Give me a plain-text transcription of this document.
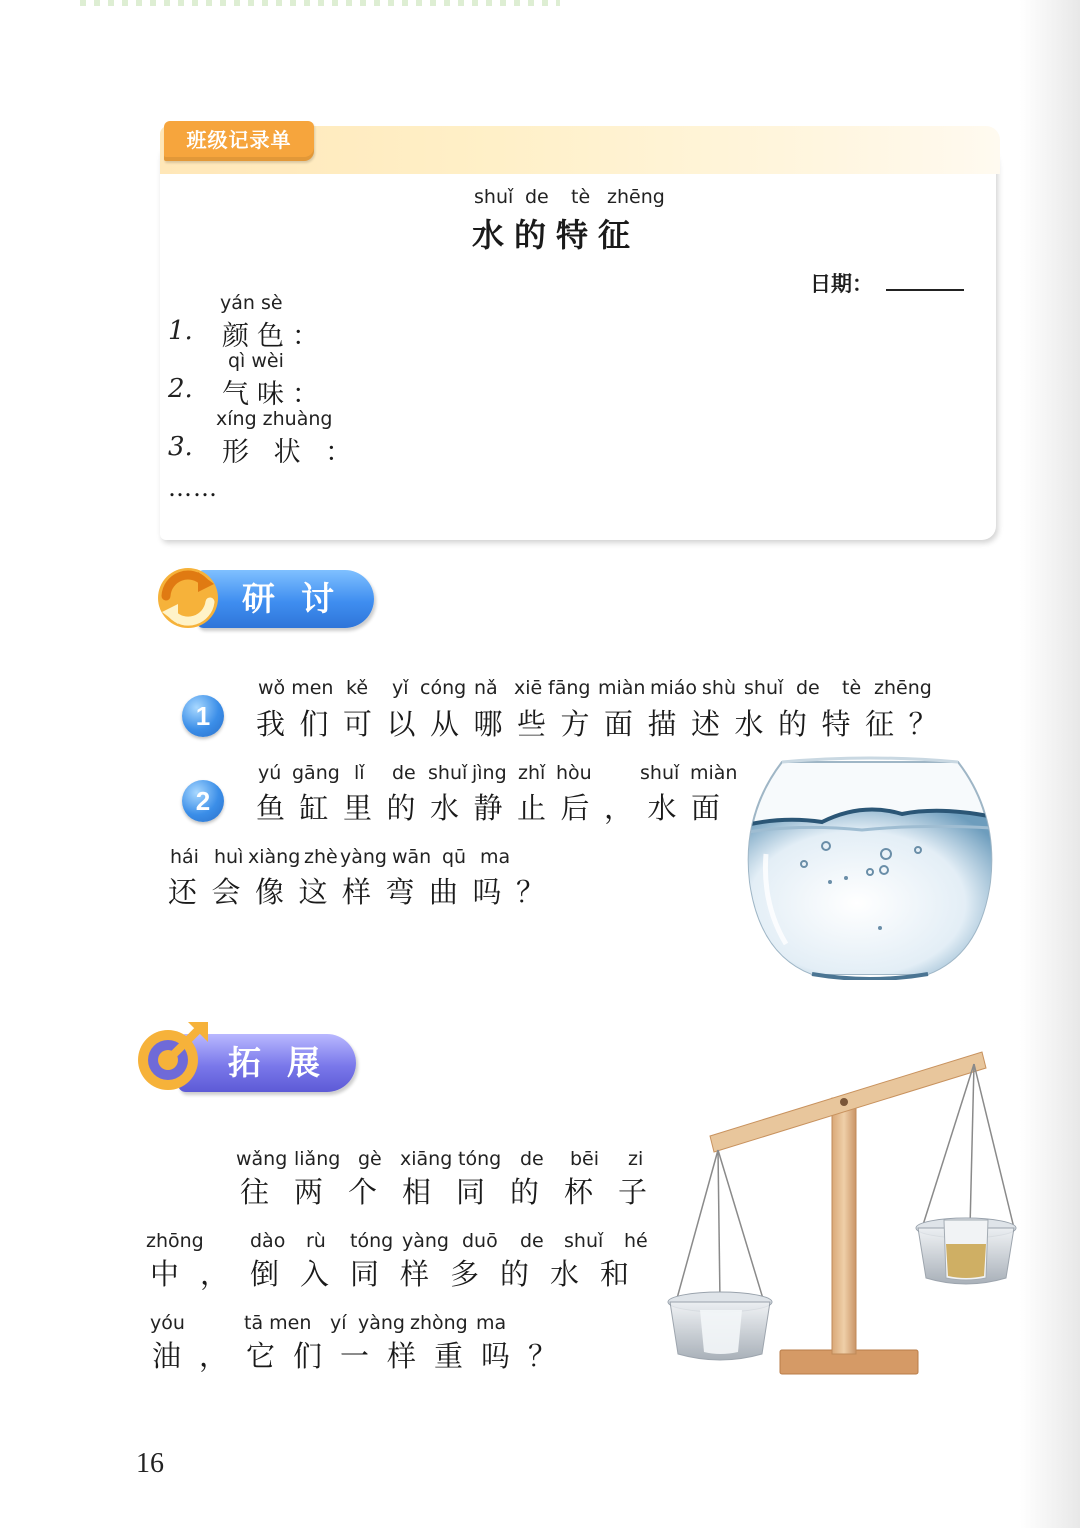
班级记录单
shuǐ de tè zhēng
水的特征
日期：
yán sè
1. 颜色：
qì wèi
2. 气味：
xíng zhuàng
3. 形 状 ：
……
研讨
1
wǒ men kě yǐ cóng nǎ xiē fāng miàn miáo shù shuǐ de tè zhēng
我们可以从哪些方面描述水的特征？
2
yú gāng lǐ de shuǐ jìng zhǐ hòu	shuǐ miàn
鱼缸里的水静止后，水面
hái huì xiàng zhè yàng wān qū ma
还会像这样弯曲吗？
拓展
wǎng liǎng gè xiāng tóng de bēi zi
往两个相同的杯子
zhōng dào rù tóng yàng duō de shuǐ hé
中，倒入同样多的水和
yóu	tā men yí yàng zhòng ma
油，它们一样重吗？
16
